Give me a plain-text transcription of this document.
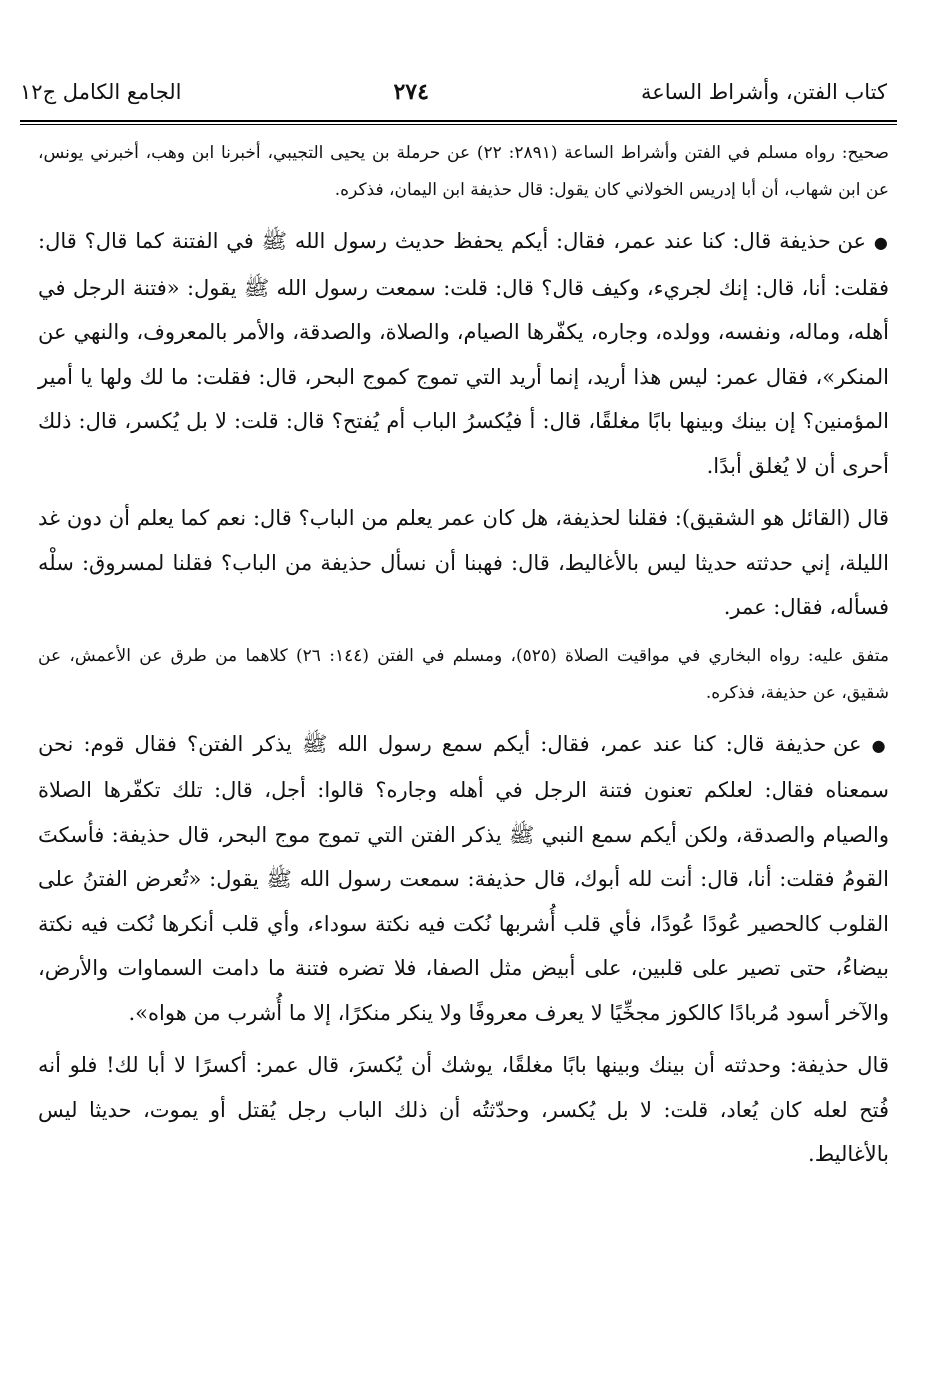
كتاب الفتن، وأشراط الساعة
٢٧٤
الجامع الكامل ج١٢

صحيح: رواه مسلم في الفتن وأشراط الساعة (٢٨٩١: ٢٢) عن حرملة بن يحيى التجيبي، أخبرنا ابن وهب، أخبرني يونس، عن ابن شهاب، أن أبا إدريس الخولاني كان يقول: قال حذيفة ابن اليمان، فذكره.

● عن حذيفة قال: كنا عند عمر، فقال: أيكم يحفظ حديث رسول الله ﷺ في الفتنة كما قال؟ قال: فقلت: أنا، قال: إنك لجريء، وكيف قال؟ قال: قلت: سمعت رسول الله ﷺ يقول: «فتنة الرجل في أهله، وماله، ونفسه، وولده، وجاره، يكفّرها الصيام، والصلاة، والصدقة، والأمر بالمعروف، والنهي عن المنكر»، فقال عمر: ليس هذا أريد، إنما أريد التي تموج كموج البحر، قال: فقلت: ما لك ولها يا أمير المؤمنين؟ إن بينك وبينها بابًا مغلقًا، قال: أ فيُكسرُ الباب أم يُفتح؟ قال: قلت: لا بل يُكسر، قال: ذلك أحرى أن لا يُغلق أبدًا.

قال (القائل هو الشقيق): فقلنا لحذيفة، هل كان عمر يعلم من الباب؟ قال: نعم كما يعلم أن دون غد الليلة، إني حدثته حديثا ليس بالأغاليط، قال: فهبنا أن نسأل حذيفة من الباب؟ فقلنا لمسروق: سلْه فسأله، فقال: عمر.

متفق عليه: رواه البخاري في مواقيت الصلاة (٥٢٥)، ومسلم في الفتن (١٤٤: ٢٦) كلاهما من طرق عن الأعمش، عن شقيق، عن حذيفة، فذكره.

● عن حذيفة قال: كنا عند عمر، فقال: أيكم سمع رسول الله ﷺ يذكر الفتن؟ فقال قوم: نحن سمعناه فقال: لعلكم تعنون فتنة الرجل في أهله وجاره؟ قالوا: أجل، قال: تلك تكفّرها الصلاة والصيام والصدقة، ولكن أيكم سمع النبي ﷺ يذكر الفتن التي تموج موج البحر، قال حذيفة: فأسكتَ القومُ فقلت: أنا، قال: أنت لله أبوك، قال حذيفة: سمعت رسول الله ﷺ يقول: «تُعرض الفتنُ على القلوب كالحصير عُودًا عُودًا، فأي قلب أُشربها نُكت فيه نكتة سوداء، وأي قلب أنكرها نُكت فيه نكتة بيضاءُ، حتى تصير على قلبين، على أبيض مثل الصفا، فلا تضره فتنة ما دامت السماوات والأرض، والآخر أسود مُربادًا كالكوز مجخِّيًا لا يعرف معروفًا ولا ينكر منكرًا، إلا ما أُشرب من هواه».

قال حذيفة: وحدثته أن بينك وبينها بابًا مغلقًا، يوشك أن يُكسرَ، قال عمر: أكسرًا لا أبا لك! فلو أنه فُتح لعله كان يُعاد، قلت: لا بل يُكسر، وحدّثتُه أن ذلك الباب رجل يُقتل أو يموت، حديثا ليس بالأغاليط.
